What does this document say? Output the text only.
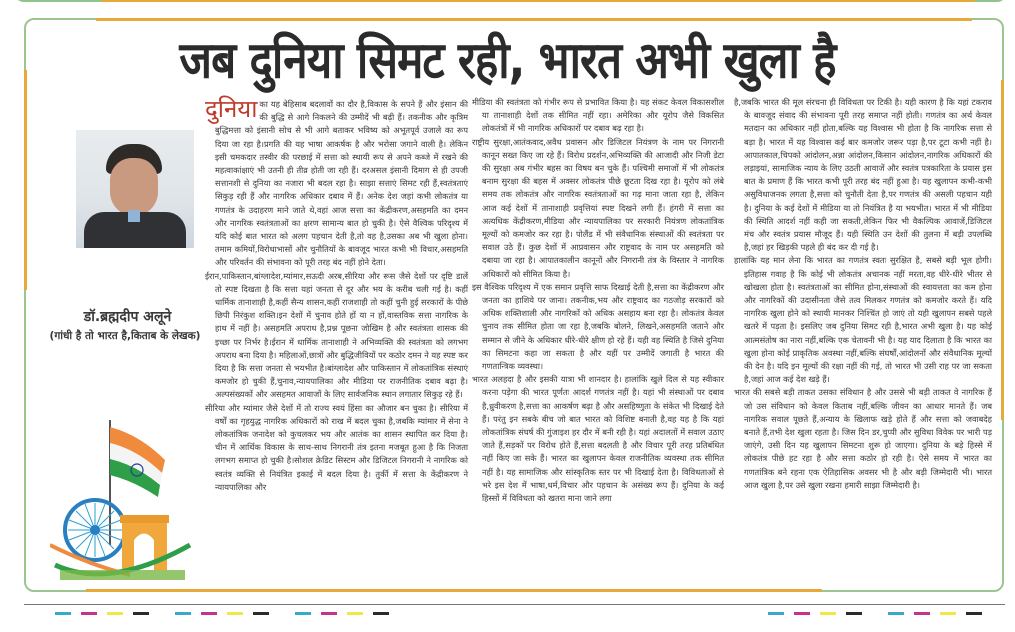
जब दुनिया सिमट रही, भारत अभी खुला है
डॉ.ब्रह्मदीप अलूने
(गांधी है तो भारत है,किताब के लेखक)

दुनिया का यह बेहिसाब बदलावों का दौर है,विकास के सपने हैं और इंसान की की बुद्धि से आगे निकलने की उम्मीदें भी बढ़ी हैं। तकनीक और कृत्रिम बुद्धिमत्ता को इंसानी सोच से भी आगे बताकर भविष्य को अभूतपूर्व उजाले का रूप दिया जा रहा है।प्रगति की यह भाषा आकर्षक है और भरोसा जगाने वाली है। लेकिन इसी चमकदार तस्वीर की परछाई में सत्ता को स्थायी रूप से अपने कब्जे में रखने की महत्वाकांक्षाएं भी उतनी ही तीव्र होती जा रही हैं। दरअसल इंसानी दिमाग से ही उपजी सत्तानशी से दुनिया का नजारा भी बदल रहा है। साझा सत्ताएं सिमट रही हैं,स्वतंत्रताएं सिकुड़ रही हैं और नागरिक अधिकार दबाव में हैं। अनेक देश जहां कभी लोकतंत्र या गणतंत्र के उदाहरण माने जाते थे,वहां आज सत्ता का केंद्रीकरण,असहमति का दमन और नागरिक स्वतंत्रताओं का क्षरण सामान्य बात हो चुकी है। ऐसे वैश्विक परिदृश्य में यदि कोई बात भारत को अलग पहचान देती है,तो वह है,उसका अब भी खुला होना। तमाम कमियों,विरोधाभासों और चुनौतियों के बावजूद भारत कभी भी विचार,असहमति और परिवर्तन की संभावना को पूरी तरह बंद नहीं होने देता।

ईरान,पाकिस्तान,बांग्लादेश,म्यांमार,सऊदी अरब,सीरिया और रूस जैसे देशों पर दृष्टि डालें तो स्पष्ट दिखता है कि सत्ता यहां जनता से दूर और भय के करीब चली गई है। कहीं धार्मिक तानाशाही है,कहीं सैन्य शासन,कहीं राजशाही तो कहीं चुनी हुई सरकारों के पीछे छिपी निरंकुश शक्ति।इन देशों में चुनाव होते हों या न हों,वास्तविक सत्ता नागरिक के हाथ में नहीं है। असहमति अपराध है,प्रश्न पूछना जोखिम है और स्वतंत्रता शासक की इच्छा पर निर्भर है।ईरान में धार्मिक तानाशाही ने अभिव्यक्ति की स्वतंत्रता को लगभग अपराध बना दिया है। महिलाओं,छात्रों और बुद्धिजीवियों पर कठोर दमन ने यह स्पष्ट कर दिया है कि सत्ता जनता से भयभीत है।बांग्लादेश और पाकिस्तान में लोकतांत्रिक संस्थाएं कमजोर हो चुकी हैं,चुनाव,न्यायपालिका और मीडिया पर राजनीतिक दबाव बढ़ा है। अल्पसंख्यकों और असहमत आवाजों के लिए सार्वजनिक स्थान लगातार सिकुड़ रहे हैं।

सीरिया और म्यांमार जैसे देशों में तो राज्य स्वयं हिंसा का औजार बन चुका है। सीरिया में वर्षों का गृहयुद्ध नागरिक अधिकारों को राख में बदल चुका है,जबकि म्यांमार में सेना ने लोकतांत्रिक जनादेश को कुचलकर भय और आतंक का शासन स्थापित कर दिया है। चीन में आर्थिक विकास के साथ-साथ निगरानी तंत्र इतना मजबूत हुआ है कि निजता लगभग समाप्त हो चुकी है।सोशल क्रेडिट सिस्टम और डिजिटल निगरानी ने नागरिक को स्वतंत्र व्यक्ति से नियंत्रित इकाई में बदल दिया है। तुर्की में सत्ता के केंद्रीकरण ने न्यायपालिका और

मीडिया की स्वतंत्रता को गंभीर रूप से प्रभावित किया है। यह संकट केवल विकासशील या तानाशाही देशों तक सीमित नहीं रहा। अमेरिका और यूरोप जैसे विकसित लोकतंत्रों में भी नागरिक अधिकारों पर दबाव बढ़ रहा है।

राष्ट्रीय सुरक्षा,आतंकवाद,अवैध प्रवासन और डिजिटल नियंत्रण के नाम पर निगरानी कानून सख्त किए जा रहे हैं। विरोध प्रदर्शन,अभिव्यक्ति की आजादी और निजी डेटा की सुरक्षा अब गंभीर बहस का विषय बन चुके हैं। पश्चिमी समाजों में भी लोकतंत्र बनाम सुरक्षा की बहस में अक्सर लोकतंत्र पीछे छूटता दिख रहा है। यूरोप को लंबे समय तक लोकतंत्र और नागरिक स्वतंत्रताओं का गढ़ माना जाता रहा है, लेकिन आज कई देशों में तानाशाही प्रवृत्तियां स्पष्ट दिखने लगी हैं। हंगरी में सत्ता का अत्यधिक केंद्रीकरण,मीडिया और न्यायपालिका पर सरकारी नियंत्रण लोकतांत्रिक मूल्यों को कमजोर कर रहा है। पोलैंड में भी संवैधानिक संस्थाओं की स्वतंत्रता पर सवाल उठे हैं। कुछ देशों में आप्रवासन और राष्ट्रवाद के नाम पर असहमति को दबाया जा रहा है। आपातकालीन कानूनों और निगरानी तंत्र के विस्तार ने नागरिक अधिकारों को सीमित किया है।

इस वैश्विक परिदृश्य में एक समान प्रवृत्ति साफ दिखाई देती है,सत्ता का केंद्रीकरण और जनता का हाशिये पर जाना। तकनीक,भय और राष्ट्रवाद का गठजोड़ सरकारों को अधिक शक्तिशाली और नागरिकों को अधिक असहाय बना रहा है। लोकतंत्र केवल चुनाव तक सीमित होता जा रहा है,जबकि बोलने, लिखने,असहमति जताने और सम्मान से जीने के अधिकार धीरे-धीरे क्षीण हो रहे हैं। यही वह स्थिति है जिसे दुनिया का सिमटना कहा जा सकता है और यहीं पर उम्मीदें जगाती है भारत की गणतान्त्रिक व्यवस्था।

भारत अलहदा है और इसकी यात्रा भी शानदार है। हालांकि खुले दिल से यह स्वीकार करना पड़ेगा की भारत पूर्णतः आदर्श गणतंत्र नहीं है। यहां भी संस्थाओं पर दबाव है,ध्रुवीकरण है,सत्ता का आकर्षण बढ़ा है और असहिष्णुता के संकेत भी दिखाई देते हैं। परंतु इन सबके बीच जो बात भारत को विशिष्ट बनाती है,वह यह है कि यहां लोकतांत्रिक संघर्ष की गुंजाइश हर दौर में बनी रही है। यहां अदालतों में सवाल उठाए जाते हैं,सड़कों पर विरोध होते हैं,सत्ता बदलती है और विचार पूरी तरह प्रतिबंधित नहीं किए जा सके हैं। भारत का खुलापन केवल राजनीतिक व्यवस्था तक सीमित नहीं है। यह सामाजिक और सांस्कृतिक स्तर पर भी दिखाई देता है। विविधताओं से भरे इस देश में भाषा,धर्म,विचार और पहचान के असंख्य रूप हैं। दुनिया के कई हिस्सों में विविधता को खतरा माना जाने लगा

है,जबकि भारत की मूल संरचना ही विविधता पर टिकी है। यही कारण है कि यहां टकराव के बावजूद संवाद की संभावना पूरी तरह समाप्त नहीं होती। गणतंत्र का अर्थ केवल मतदान का अधिकार नहीं होता,बल्कि यह विश्वास भी होता है कि नागरिक सत्ता से बड़ा है। भारत में यह विश्वास कई बार कमजोर जरूर पड़ा है,पर टूटा कभी नहीं है। आपातकाल,चिपको आंदोलन,अन्ना आंदोलन,किसान आंदोलन,नागरिक अधिकारों की लड़ाइयां, सामाजिक न्याय के लिए उठती आवाजें और स्वतंत्र पत्रकारिता के प्रयास इस बात के प्रमाण हैं कि भारत कभी पूरी तरह बंद नहीं हुआ है। यह खुलापन कभी-कभी असुविधाजनक लगता है,सत्ता को चुनौती देता है,पर गणतंत्र की असली पहचान यही है। दुनिया के कई देशों में मीडिया या तो नियंत्रित है या भयभीत। भारत में भी मीडिया की स्थिति आदर्श नहीं कही जा सकती,लेकिन फिर भी वैकल्पिक आवाजें,डिजिटल मंच और स्वतंत्र प्रयास मौजूद हैं। यही स्थिति उन देशों की तुलना में बड़ी उपलब्धि है,जहां हर खिड़की पहले ही बंद कर दी गई है।

हालांकि यह मान लेना कि भारत का गणतंत्र स्वतः सुरक्षित है, सबसे बड़ी भूल होगी। इतिहास गवाह है कि कोई भी लोकतंत्र अचानक नहीं मरता,वह धीरे-धीरे भीतर से खोखला होता है। स्वतंत्रताओं का सीमित होना,संस्थाओं की स्वायत्तता का कम होना और नागरिकों की उदासीनता जैसे तत्व मिलकर गणतंत्र को कमजोर करते हैं। यदि नागरिक खुला होने को स्थायी मानकर निश्चिंत हो जाएं तो यही खुलापन सबसे पहले खतरे में पड़ता है। इसलिए जब दुनिया सिमट रही है,भारत अभी खुला है। यह कोई आत्मसंतोष का नारा नहीं,बल्कि एक चेतावनी भी है। यह याद दिलाता है कि भारत का खुला होना कोई प्राकृतिक अवस्था नहीं,बल्कि संघर्षों,आंदोलनों और संवैधानिक मूल्यों की देन है। यदि इन मूल्यों की रक्षा नहीं की गई, तो भारत भी उसी राह पर जा सकता है,जहां आज कई देश खड़े हैं।

भारत की सबसे बड़ी ताकत उसका संविधान है और उससे भी बड़ी ताकत वे नागरिक हैं जो उस संविधान को केवल किताब नहीं,बल्कि जीवन का आधार मानते हैं। जब नागरिक सवाल पूछते हैं,अन्याय के खिलाफ खड़े होते हैं और सत्ता को जवाबदेह बनाते हैं,तभी देश खुला रहता है। जिस दिन डर,चुप्पी और सुविधा विवेक पर भारी पड़ जाएंगे, उसी दिन यह खुलापन सिमटना शुरू हो जाएगा। दुनिया के बड़े हिस्से में लोकतंत्र पीछे हट रहा है और सत्ता कठोर हो रही है। ऐसे समय में भारत का गणतांत्रिक बने रहना एक ऐतिहासिक अवसर भी है और बड़ी जिम्मेदारी भी। भारत आज खुला है,पर उसे खुला रखना हमारी साझा जिम्मेदारी है।
